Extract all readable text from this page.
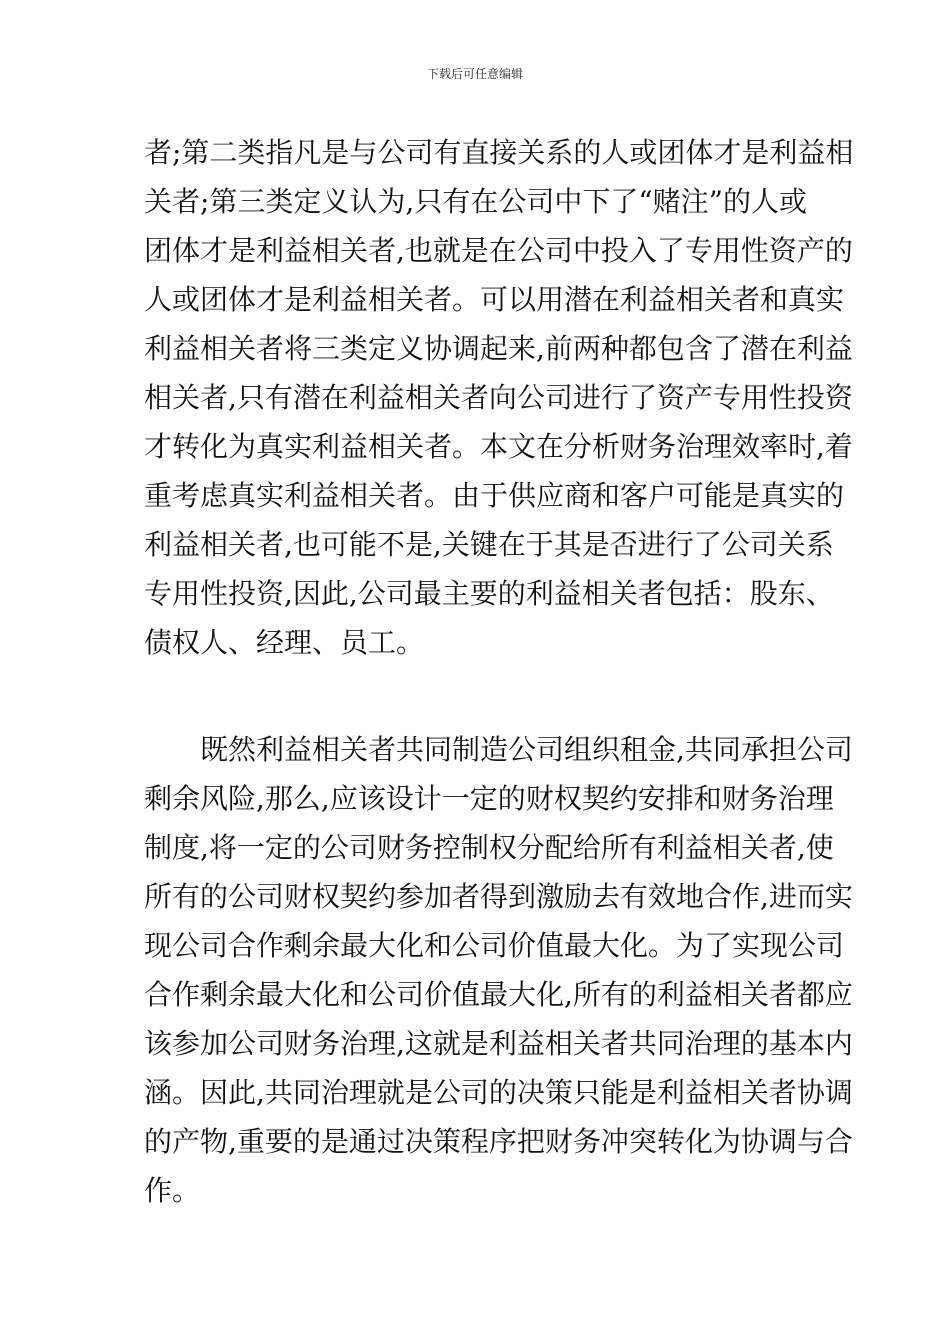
下载后可任意编辑
者;第二类指凡是与公司有直接关系的人或团体才是利益相
关者;第三类定义认为,只有在公司中下了“赌注”的人或
团体才是利益相关者,也就是在公司中投入了专用性资产的
人或团体才是利益相关者。可以用潜在利益相关者和真实
利益相关者将三类定义协调起来,前两种都包含了潜在利益
相关者,只有潜在利益相关者向公司进行了资产专用性投资
才转化为真实利益相关者。本文在分析财务治理效率时,着
重考虑真实利益相关者。由于供应商和客户可能是真实的
利益相关者,也可能不是,关键在于其是否进行了公司关系
专用性投资,因此,公司最主要的利益相关者包括：股东、
债权人、经理、员工。
既然利益相关者共同制造公司组织租金,共同承担公司
剩余风险,那么,应该设计一定的财权契约安排和财务治理
制度,将一定的公司财务控制权分配给所有利益相关者,使
所有的公司财权契约参加者得到激励去有效地合作,进而实
现公司合作剩余最大化和公司价值最大化。为了实现公司
合作剩余最大化和公司价值最大化,所有的利益相关者都应
该参加公司财务治理,这就是利益相关者共同治理的基本内
涵。因此,共同治理就是公司的决策只能是利益相关者协调
的产物,重要的是通过决策程序把财务冲突转化为协调与合
作。
